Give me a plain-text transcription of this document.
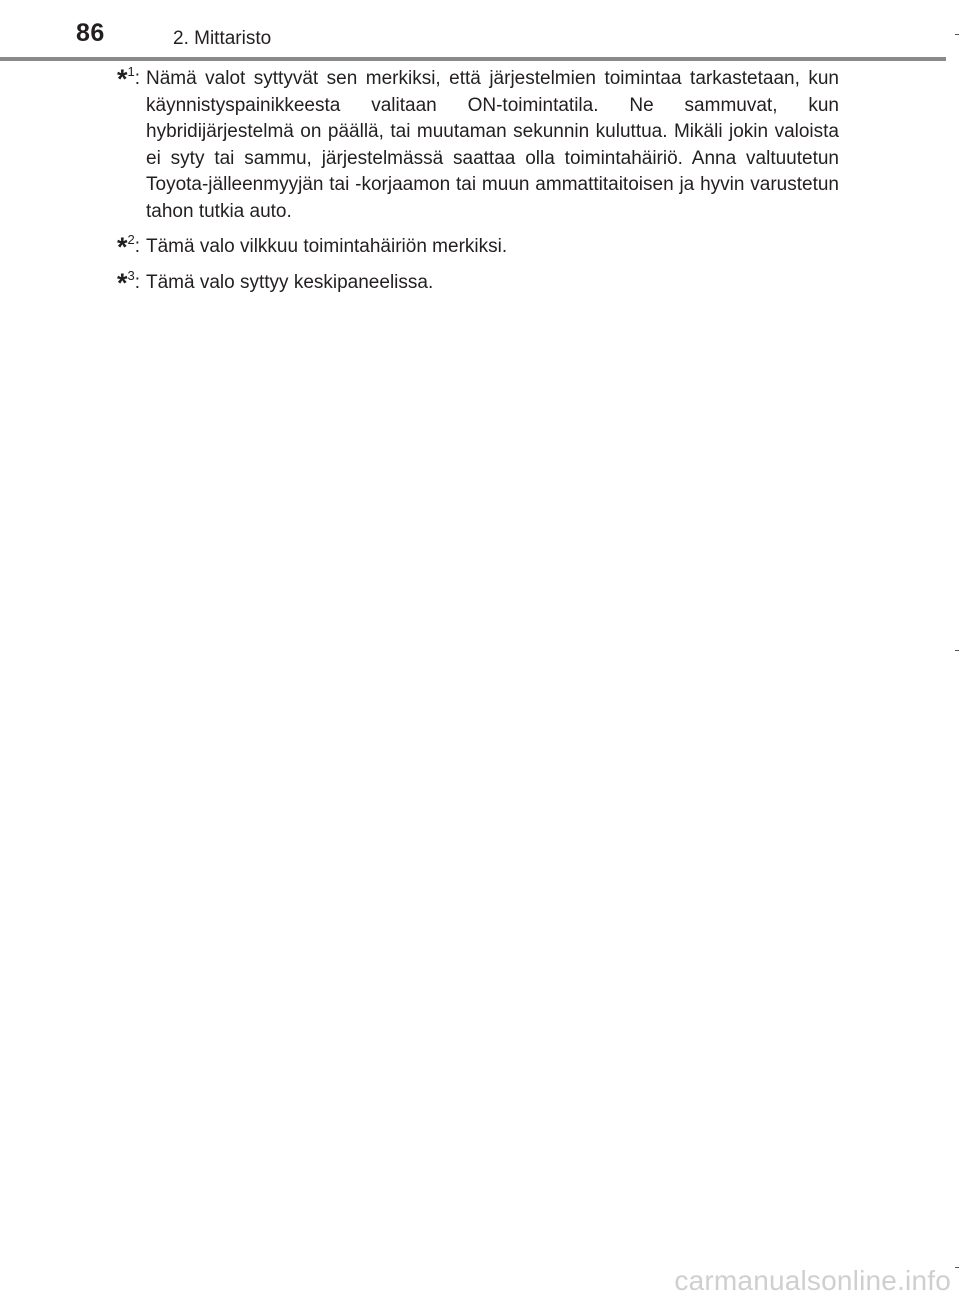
86	2. Mittaristo
*$^1$: Nämä valot syttyvät sen merkiksi, että järjestelmien toimintaa tarkastetaan, kun käynnistyspainikkeesta valitaan ON-toimintatila. Ne sammuvat, kun hybridijärjestelmä on päällä, tai muutaman sekunnin kuluttua. Mikäli jokin valoista ei syty tai sammu, järjestelmässä saattaa olla toimintahäiriö. Anna valtuutetun Toyota-jälleenmyyjän tai -korjaamon tai muun ammattitaitoisen ja hyvin varustetun tahon tutkia auto.
*$^2$: Tämä valo vilkkuu toimintahäiriön merkiksi.
*$^3$: Tämä valo syttyy keskipaneelissa.
carmanualsonline.info
